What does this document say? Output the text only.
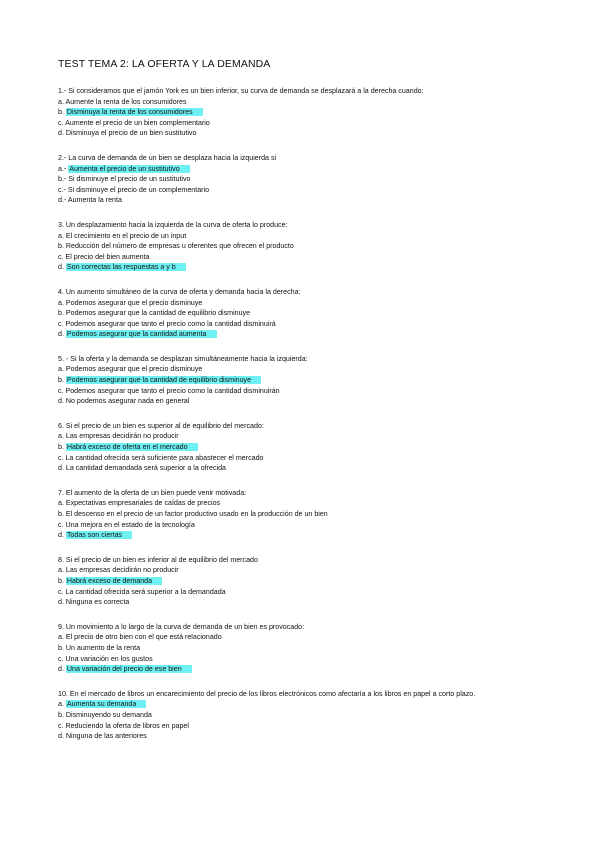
TEST TEMA 2: LA OFERTA Y LA DEMANDA
1.- Si consideramos que el jamón York es un bien inferior, su curva de demanda se desplazará a la derecha cuando:
a. Aumente la renta de los consumidores
b. Disminuya la renta de los consumidores
c. Aumente el precio de un bien complementario
d. Disminuya el precio de un bien sustitutivo
2.- La curva de demanda de un bien se desplaza hacia la izquierda si
a.- Aumenta el precio de un sustitutivo
b.- Si disminuye el precio de un sustitutivo
c.- Si disminuye el precio de un complementario
d.- Aumenta la renta
3. Un desplazamiento hacia la izquierda de la curva de oferta lo produce:
a. El crecimiento en el precio de un input
b. Reducción del número de empresas u oferentes que ofrecen el producto
c. El precio del bien aumenta
d. Son correctas las respuestas a y b
4. Un aumento simultáneo de la curva de oferta y demanda hacia la derecha:
a. Podemos asegurar que el precio disminuye
b. Podemos asegurar que la cantidad de equilibrio disminuye
c. Podemos asegurar que tanto el precio como la cantidad disminuirá
d. Podemos asegurar que la cantidad aumenta
5. - Si la oferta y la demanda se desplazan simultáneamente hacia la izquierda:
a. Podemos asegurar que el precio disminuye
b. Podemos asegurar que la cantidad de equilibrio disminuye
c. Podemos asegurar que tanto el precio como la cantidad disminuirán
d. No podemos asegurar nada en general
6. Si el precio de un bien es superior al de equilibrio del mercado:
a. Las empresas decidirán no producir
b. Habrá exceso de oferta en el mercado
c. La cantidad ofrecida será suficiente para abastecer el mercado
d. La cantidad demandada será superior a la ofrecida
7. El aumento de la oferta de un bien puede venir motivada:
a. Expectativas empresariales de caídas de precios
b. El descenso en el precio de un factor productivo usado en la producción de un bien
c. Una mejora en el estado de la tecnología
d. Todas son ciertas
8. Si el precio de un bien es inferior al de equilibrio del mercado
a. Las empresas decidirán no producir
b. Habrá exceso de demanda
c. La cantidad ofrecida será superior a la demandada
d. Ninguna es correcta
9. Un movimiento a lo largo de la curva de demanda de un bien es provocado:
a. El precio de otro bien con el que está relacionado
b. Un aumento de la renta
c. Una variación en los gustos
d. Una variación del precio de ese bien
10. En el mercado de libros un encarecimiento del precio de los libros electrónicos como afectaría a los libros en papel a corto plazo.
a. Aumenta su demanda
b. Disminuyendo su demanda
c. Reduciendo la oferta de libros en papel
d. Ninguna de las anteriores
